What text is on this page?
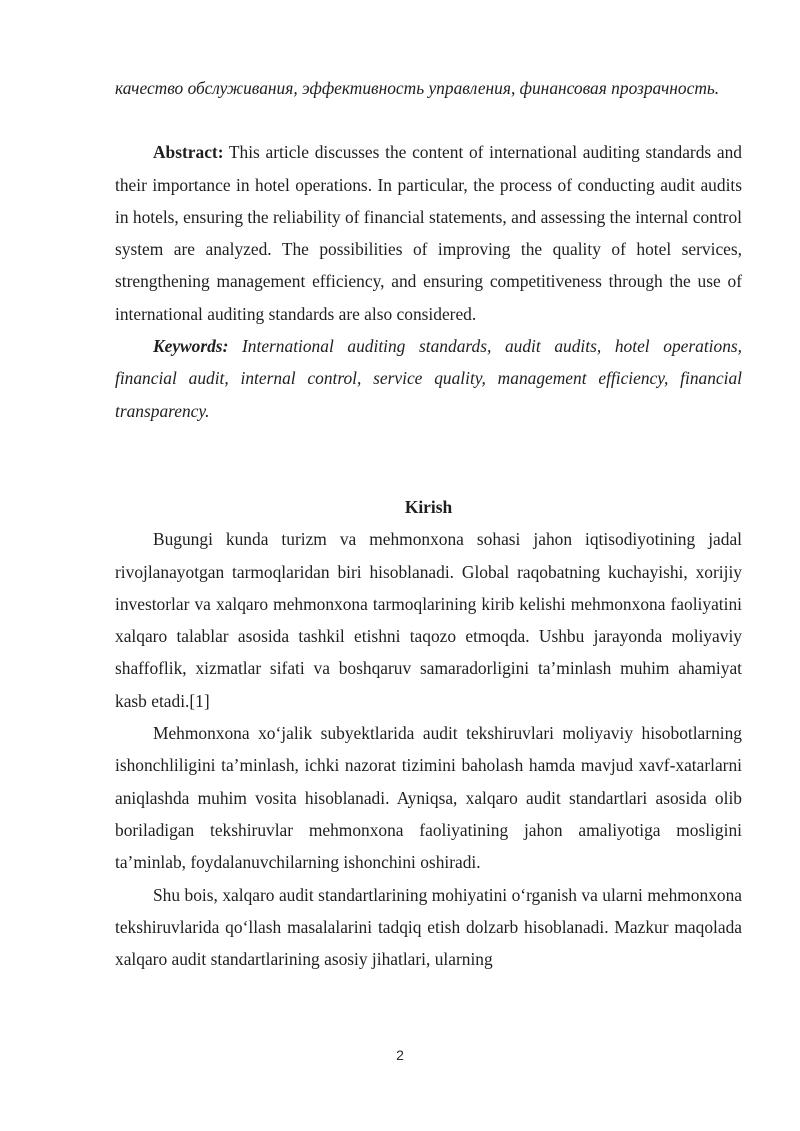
качество обслуживания, эффективность управления, финансовая прозрачность.

Abstract: This article discusses the content of international auditing standards and their importance in hotel operations. In particular, the process of conducting audit audits in hotels, ensuring the reliability of financial statements, and assessing the internal control system are analyzed. The possibilities of improving the quality of hotel services, strengthening management efficiency, and ensuring competitiveness through the use of international auditing standards are also considered.

Keywords: International auditing standards, audit audits, hotel operations, financial audit, internal control, service quality, management efficiency, financial transparency.

Kirish

Bugungi kunda turizm va mehmonxona sohasi jahon iqtisodiyotining jadal rivojlanayotgan tarmoqlaridan biri hisoblanadi. Global raqobatning kuchayishi, xorijiy investorlar va xalqaro mehmonxona tarmoqlarining kirib kelishi mehmonxona faoliyatini xalqaro talablar asosida tashkil etishni taqozo etmoqda. Ushbu jarayonda moliyaviy shaffoflik, xizmatlar sifati va boshqaruv samaradorligini taʼminlash muhim ahamiyat kasb etadi.[1]

Mehmonxona xoʻjalik subyektlarida audit tekshiruvlari moliyaviy hisobotlarning ishonchliligini taʼminlash, ichki nazorat tizimini baholash hamda mavjud xavf-xatarlarni aniqlashda muhim vosita hisoblanadi. Ayniqsa, xalqaro audit standartlari asosida olib boriladigan tekshiruvlar mehmonxona faoliyatining jahon amaliyotiga mosligini taʼminlab, foydalanuvchilarning ishonchini oshiradi.

Shu bois, xalqaro audit standartlarining mohiyatini oʻrganish va ularni mehmonxona tekshiruvlarida qoʻllash masalalarini tadqiq etish dolzarb hisoblanadi. Mazkur maqolada xalqaro audit standartlarining asosiy jihatlari, ularning

2
